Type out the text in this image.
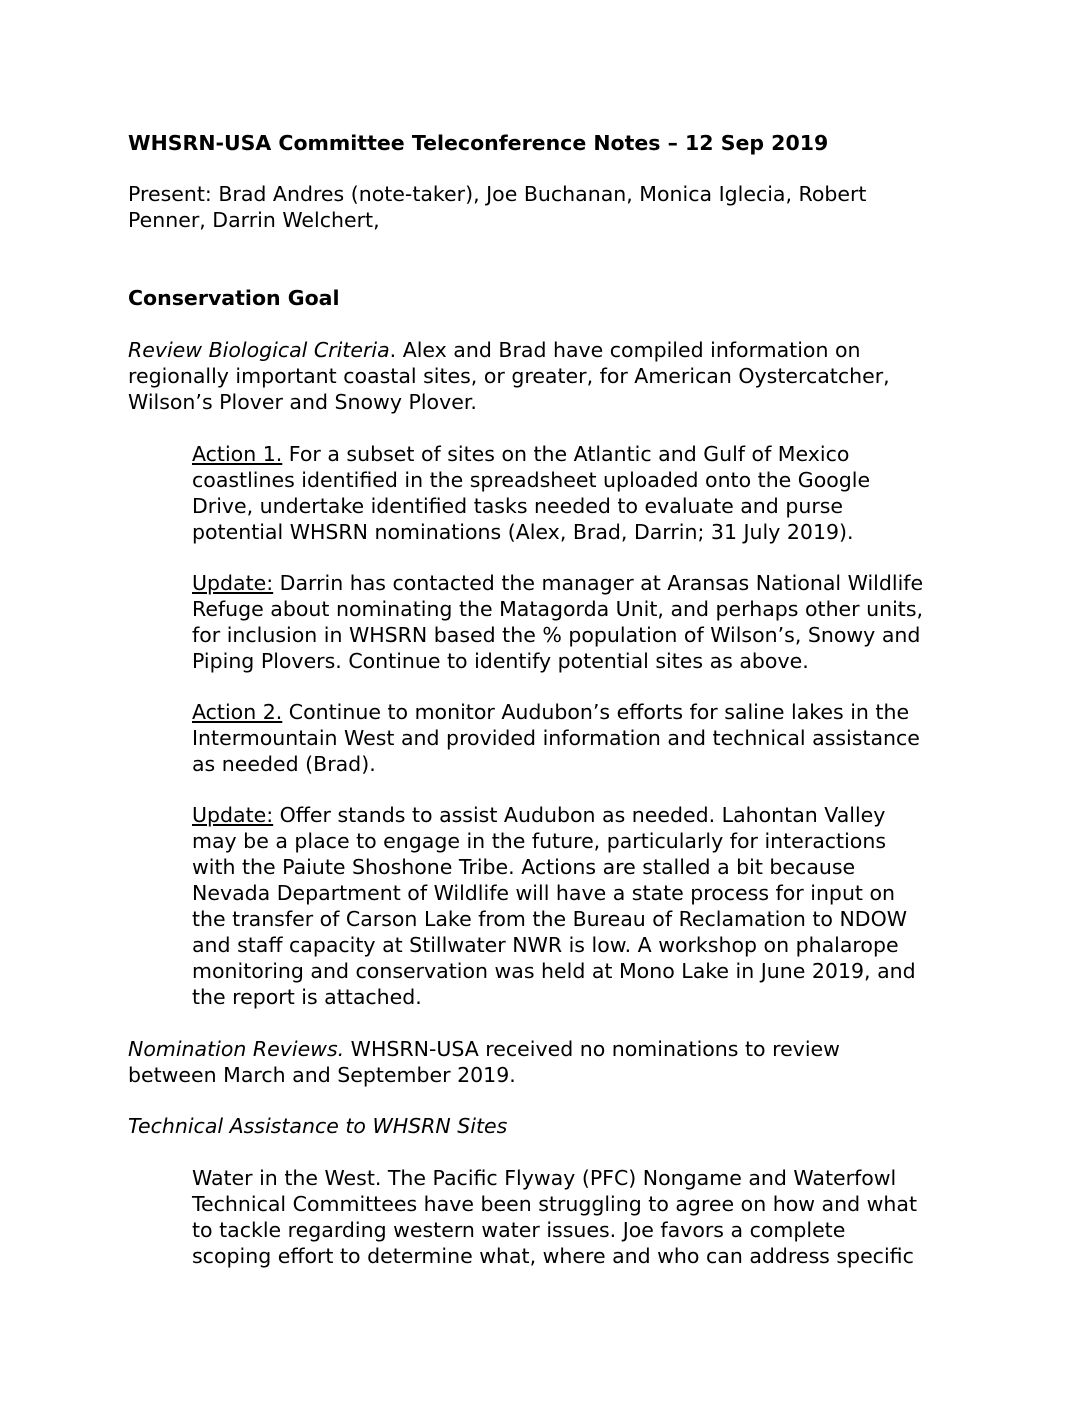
WHSRN-USA Committee Teleconference Notes – 12 Sep 2019
Present: Brad Andres (note-taker), Joe Buchanan, Monica Iglecia, Robert
Penner, Darrin Welchert,
Conservation Goal
Review Biological Criteria. Alex and Brad have compiled information on
regionally important coastal sites, or greater, for American Oystercatcher,
Wilson’s Plover and Snowy Plover.
Action 1. For a subset of sites on the Atlantic and Gulf of Mexico
coastlines identified in the spreadsheet uploaded onto the Google
Drive, undertake identified tasks needed to evaluate and purse
potential WHSRN nominations (Alex, Brad, Darrin; 31 July 2019).
Update: Darrin has contacted the manager at Aransas National Wildlife
Refuge about nominating the Matagorda Unit, and perhaps other units,
for inclusion in WHSRN based the % population of Wilson’s, Snowy and
Piping Plovers. Continue to identify potential sites as above.
Action 2. Continue to monitor Audubon’s efforts for saline lakes in the
Intermountain West and provided information and technical assistance
as needed (Brad).
Update: Offer stands to assist Audubon as needed. Lahontan Valley
may be a place to engage in the future, particularly for interactions
with the Paiute Shoshone Tribe. Actions are stalled a bit because
Nevada Department of Wildlife will have a state process for input on
the transfer of Carson Lake from the Bureau of Reclamation to NDOW
and staff capacity at Stillwater NWR is low. A workshop on phalarope
monitoring and conservation was held at Mono Lake in June 2019, and
the report is attached.
Nomination Reviews. WHSRN-USA received no nominations to review
between March and September 2019.
Technical Assistance to WHSRN Sites
Water in the West. The Pacific Flyway (PFC) Nongame and Waterfowl
Technical Committees have been struggling to agree on how and what
to tackle regarding western water issues. Joe favors a complete
scoping effort to determine what, where and who can address specific
